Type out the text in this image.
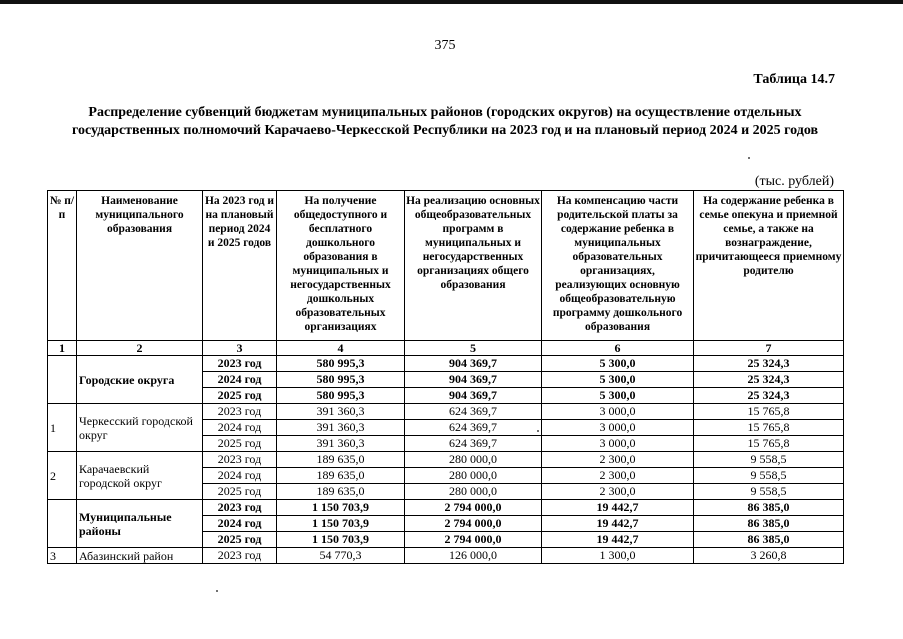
375
Таблица 14.7
Распределение субвенций бюджетам муниципальных районов (городских округов) на осуществление отдельных государственных полномочий Карачаево-Черкесской Республики на 2023 год и на плановый период 2024 и 2025 годов
(тыс. рублей)
№ п/п	Наименование муниципального образования	На 2023 год и на плановый период 2024 и 2025 годов	На получение общедоступного и бесплатного дошкольного образования в муниципальных и негосударственных дошкольных образовательных организациях	На реализацию основных общеобразовательных программ в муниципальных и негосударственных организациях общего образования	На компенсацию части родительской платы за содержание ребенка в муниципальных образовательных организациях, реализующих основную общеобразовательную программу дошкольного образования	На содержание ребенка в семье опекуна и приемной семье, а также на вознаграждение, причитающееся приемному родителю
1	2	3	4	5	6	7
	Городские округа	2023 год	580 995,3	904 369,7	5 300,0	25 324,3
		2024 год	580 995,3	904 369,7	5 300,0	25 324,3
		2025 год	580 995,3	904 369,7	5 300,0	25 324,3
1	Черкесский городской округ	2023 год	391 360,3	624 369,7	3 000,0	15 765,8
		2024 год	391 360,3	624 369,7	3 000,0	15 765,8
		2025 год	391 360,3	624 369,7	3 000,0	15 765,8
2	Карачаевский городской округ	2023 год	189 635,0	280 000,0	2 300,0	9 558,5
		2024 год	189 635,0	280 000,0	2 300,0	9 558,5
		2025 год	189 635,0	280 000,0	2 300,0	9 558,5
	Муниципальные районы	2023 год	1 150 703,9	2 794 000,0	19 442,7	86 385,0
		2024 год	1 150 703,9	2 794 000,0	19 442,7	86 385,0
		2025 год	1 150 703,9	2 794 000,0	19 442,7	86 385,0
3	Абазинский район	2023 год	54 770,3	126 000,0	1 300,0	3 260,8
